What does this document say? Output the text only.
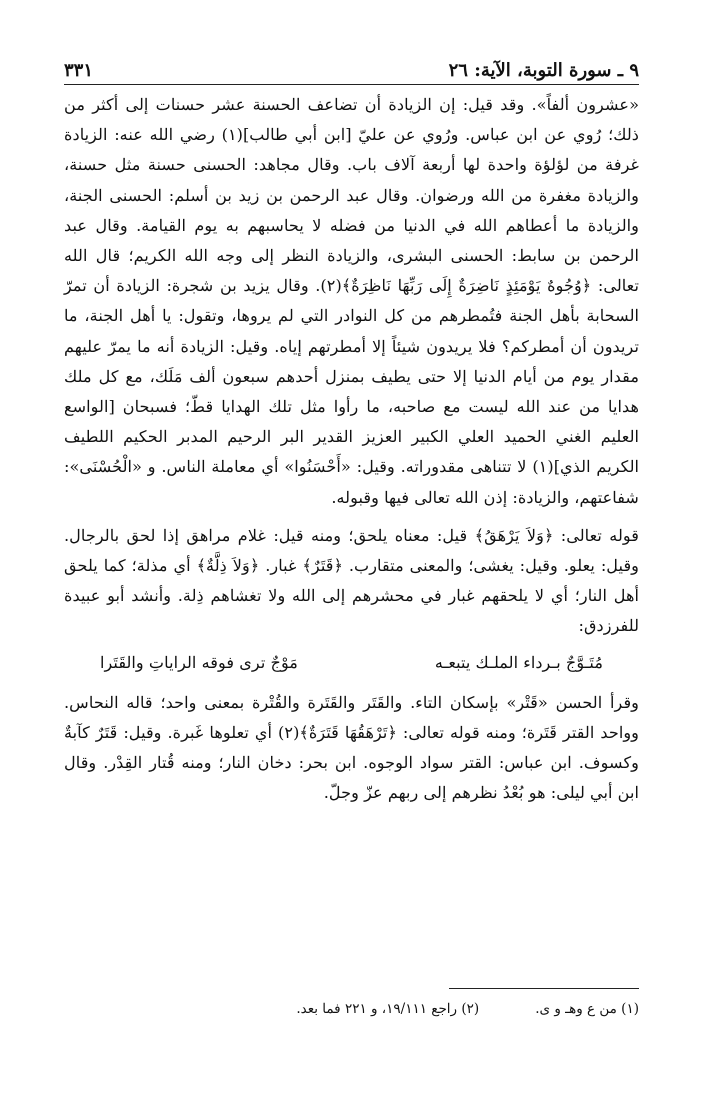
٩ ـ سورة التوبة، الآية: ٢٦
٣٣١

«عشرون ألفاً». وقد قيل: إن الزيادة أن تضاعف الحسنة عشر حسنات إلى أكثر من ذلك؛ رُوي عن ابن عباس. ورُوي عن عليّ [ابن أبي طالب](١) رضي الله عنه: الزيادة غرفة من لؤلؤة واحدة لها أربعة آلاف باب. وقال مجاهد: الحسنى حسنة مثل حسنة، والزيادة مغفرة من الله ورضوان. وقال عبد الرحمن بن زيد بن أسلم: الحسنى الجنة، والزيادة ما أعطاهم الله في الدنيا من فضله لا يحاسبهم به يوم القيامة. وقال عبد الرحمن بن سابط: الحسنى البشرى، والزيادة النظر إلى وجه الله الكريم؛ قال الله تعالى: ﴿وُجُوهٌ يَوْمَئِذٍ نَاضِرَةٌ إِلَى رَبِّهَا نَاظِرَةٌ﴾(٢). وقال يزيد بن شجرة: الزيادة أن تمرّ السحابة بأهل الجنة فتُمطرهم من كل النوادر التي لم يروها، وتقول: يا أهل الجنة، ما تريدون أن أمطركم؟ فلا يريدون شيئاً إلا أمطرتهم إياه. وقيل: الزيادة أنه ما يمرّ عليهم مقدار يوم من أيام الدنيا إلا حتى يطيف بمنزل أحدهم سبعون ألف مَلَك، مع كل ملك هدايا من عند الله ليست مع صاحبه، ما رأوا مثل تلك الهدايا قطّ؛ فسبحان [الواسع العليم الغني الحميد العلي الكبير العزيز القدير البر الرحيم المدبر الحكيم اللطيف الكريم الذي](١) لا تتناهى مقدوراته. وقيل: «أَحْسَنُوا» أي معاملة الناس. و «الْحُسْنَى»: شفاعتهم، والزيادة: إذن الله تعالى فيها وقبوله.

قوله تعالى: ﴿وَلاَ يَرْهَقُ﴾ قيل: معناه يلحق؛ ومنه قيل: غلام مراهق إذا لحق بالرجال. وقيل: يعلو. وقيل: يغشى؛ والمعنى متقارب. ﴿قَتَرٌ﴾ غبار. ﴿وَلاَ ذِلَّةٌ﴾ أي مذلة؛ كما يلحق أهل النار؛ أي لا يلحقهم غبار في محشرهم إلى الله ولا تغشاهم ذِلة. وأنشد أبو عبيدة للفرزدق:

مُتَـوَّجٌ بـرداء الملـك يتبعـه
مَوْجٌ ترى فوقه الراياتِ والقَتَرا

وقرأ الحسن «قَتْر» بإسكان التاء. والقَتَر والقَتَرة والقُتْرة بمعنى واحد؛ قاله النحاس. وواحد القتر قَتَرة؛ ومنه قوله تعالى: ﴿تَرْهَقُهَا قَتَرَةٌ﴾(٢) أي تعلوها غَبرة. وقيل: قَتَرٌ كآبةٌ وكسوف. ابن عباس: القتر سواد الوجوه. ابن بحر: دخان النار؛ ومنه قُتار القِدْر. وقال ابن أبي ليلى: هو بُعْدُ نظرهم إلى ربهم عزّ وجلّ.

(١) من ع وهـ و ى.
(٢) راجع ١٩/١١١، و ٢٢١ فما بعد.
